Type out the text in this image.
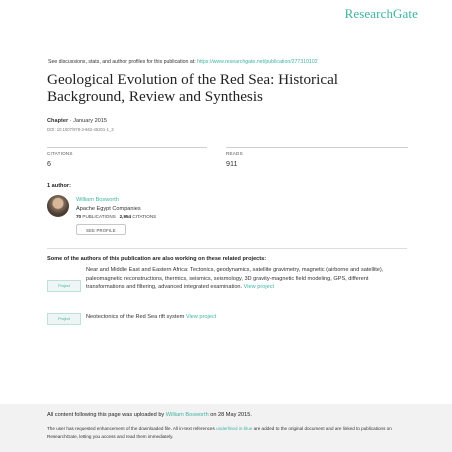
ResearchGate
See discussions, stats, and author profiles for this publication at: https://www.researchgate.net/publication/277310102
Geological Evolution of the Red Sea: Historical Background, Review and Synthesis
Chapter · January 2015
DOI: 10.1007/978-3-662-45201-1_3
CITATIONS
6
READS
911
1 author:
William Bosworth
Apache Egypt Companies
70 PUBLICATIONS 2,954 CITATIONS
SEE PROFILE
Some of the authors of this publication are also working on these related projects:
Project
Near and Middle East and Eastern Africa: Tectonics, geodynamics, satellite gravimetry, magnetic (airborne and satellite), paleomagnetic reconstructions, thermics, seismics, seismology, 3D gravity-magnetic field modeling, GPS, different transformations and filtering, advanced integrated examination. View project
Project	Neotectonics of the Red Sea rift system View project
All content following this page was uploaded by William Bosworth on 28 May 2015.
The user has requested enhancement of the downloaded file. All in-text references underlined in blue are added to the original document and are linked to publications on ResearchGate, letting you access and read them immediately.
